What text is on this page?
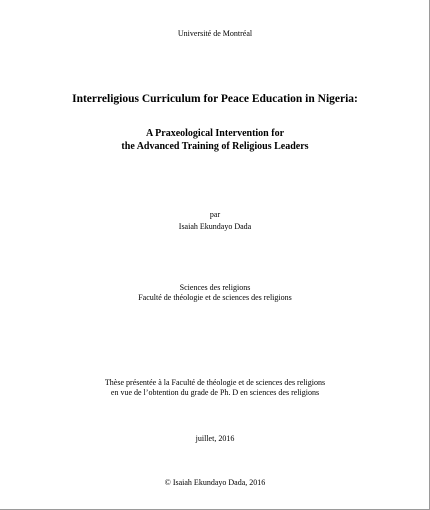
Université de Montréal
Interreligious Curriculum for Peace Education in Nigeria:
A Praxeological Intervention for
the Advanced Training of Religious Leaders
par
Isaiah Ekundayo Dada
Sciences des religions
Faculté de théologie et de sciences des religions
Thèse présentée à la Faculté de théologie et de sciences des religions
en vue de l’obtention du grade de Ph. D en sciences des religions
juillet, 2016
© Isaiah Ekundayo Dada, 2016
